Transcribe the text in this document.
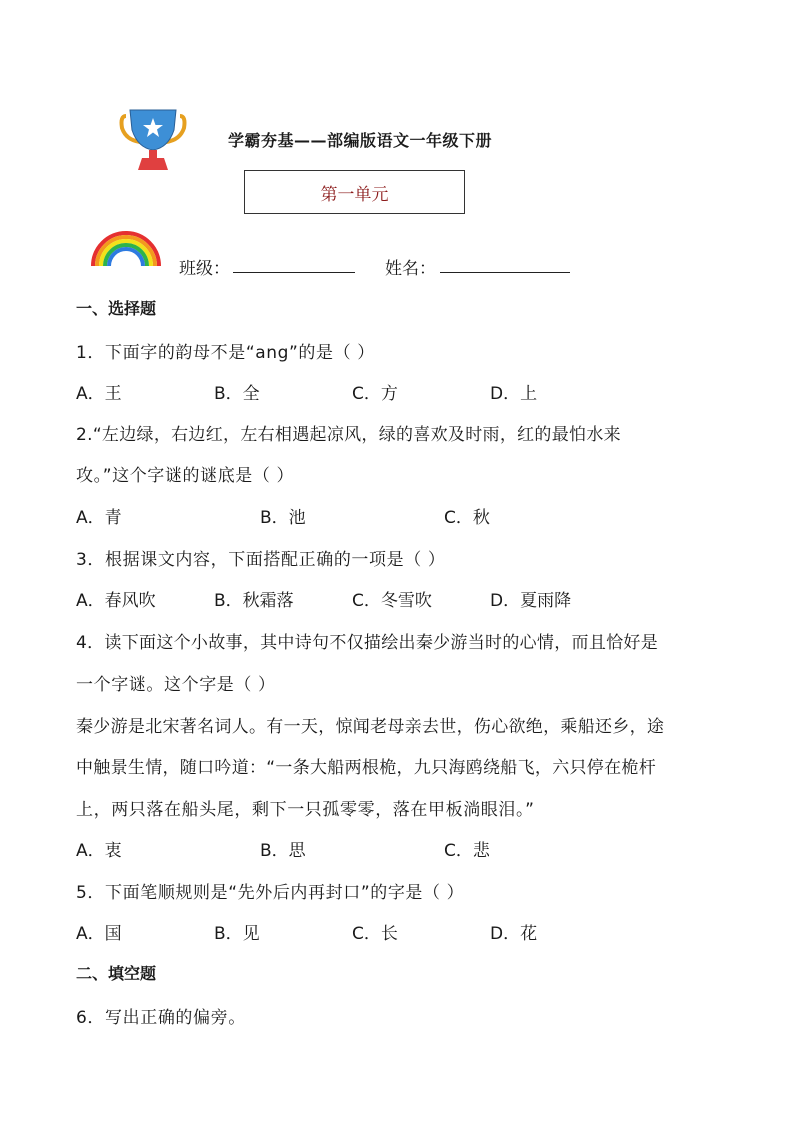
学霸夯基——部编版语文一年级下册
第一单元
班级：	姓名：
一、选择题
1．下面字的韵母不是“ang”的是（ ）
A．王	B．全	C．方	D．上
2.“左边绿，右边红，左右相遇起凉风，绿的喜欢及时雨，红的最怕水来
攻。”这个字谜的谜底是（ ）
A．青	B．池	C．秋
3．根据课文内容，下面搭配正确的一项是（ ）
A．春风吹	B．秋霜落	C．冬雪吹	D．夏雨降
4．读下面这个小故事，其中诗句不仅描绘出秦少游当时的心情，而且恰好是
一个字谜。这个字是（ ）
秦少游是北宋著名词人。有一天，惊闻老母亲去世，伤心欲绝，乘船还乡，途
中触景生情，随口吟道：“一条大船两根桅，九只海鸥绕船飞，六只停在桅杆
上，两只落在船头尾，剩下一只孤零零，落在甲板淌眼泪。”
A．衷	B．思	C．悲
5．下面笔顺规则是“先外后内再封口”的字是（ ）
A．国	B．见	C．长	D．花
二、填空题
6．写出正确的偏旁。
